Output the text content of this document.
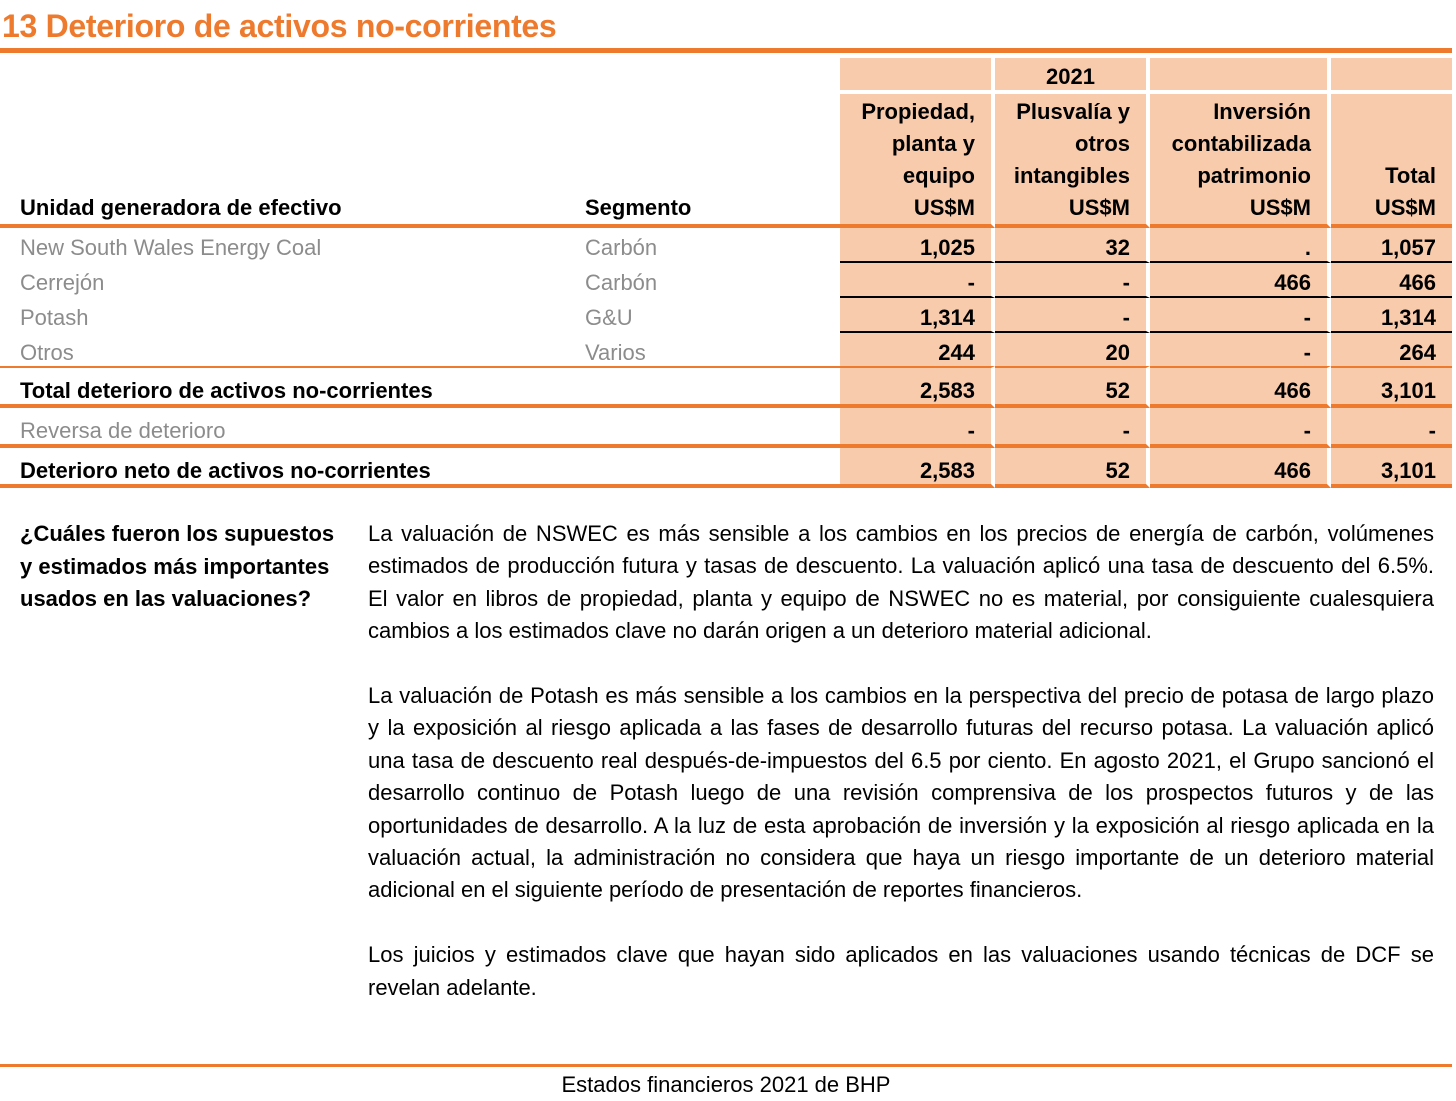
13 Deterioro de activos no-corrientes
			2021		
Unidad generadora de efectivo	Segmento	Propiedad, planta y equipo US$M	Plusvalía y otros intangibles US$M	Inversión contabilizada patrimonio US$M	Total US$M
New South Wales Energy Coal	Carbón	1,025	32	.	1,057
Cerrejón	Carbón	-	-	466	466
Potash	G&U	1,314	-	-	1,314
Otros	Varios	244	20	-	264
Total deterioro de activos no-corrientes		2,583	52	466	3,101
Reversa de deterioro		-	-	-	-
Deterioro neto de activos no-corrientes		2,583	52	466	3,101
¿Cuáles fueron los supuestos y estimados más importantes usados en las valuaciones?

La valuación de NSWEC es más sensible a los cambios en los precios de energía de carbón, volúmenes estimados de producción futura y tasas de descuento. La valuación aplicó una tasa de descuento del 6.5%. El valor en libros de propiedad, planta y equipo de NSWEC no es material, por consiguiente cualesquiera cambios a los estimados clave no darán origen a un deterioro material adicional.

La valuación de Potash es más sensible a los cambios en la perspectiva del precio de potasa de largo plazo y la exposición al riesgo aplicada a las fases de desarrollo futuras del recurso potasa. La valuación aplicó una tasa de descuento real después-de-impuestos del 6.5 por ciento. En agosto 2021, el Grupo sancionó el desarrollo continuo de Potash luego de una revisión comprensiva de los prospectos futuros y de las oportunidades de desarrollo. A la luz de esta aprobación de inversión y la exposición al riesgo aplicada en la valuación actual, la administración no considera que haya un riesgo importante de un deterioro material adicional en el siguiente período de presentación de reportes financieros.

Los juicios y estimados clave que hayan sido aplicados en las valuaciones usando técnicas de DCF se revelan adelante.

Estados financieros 2021 de BHP
